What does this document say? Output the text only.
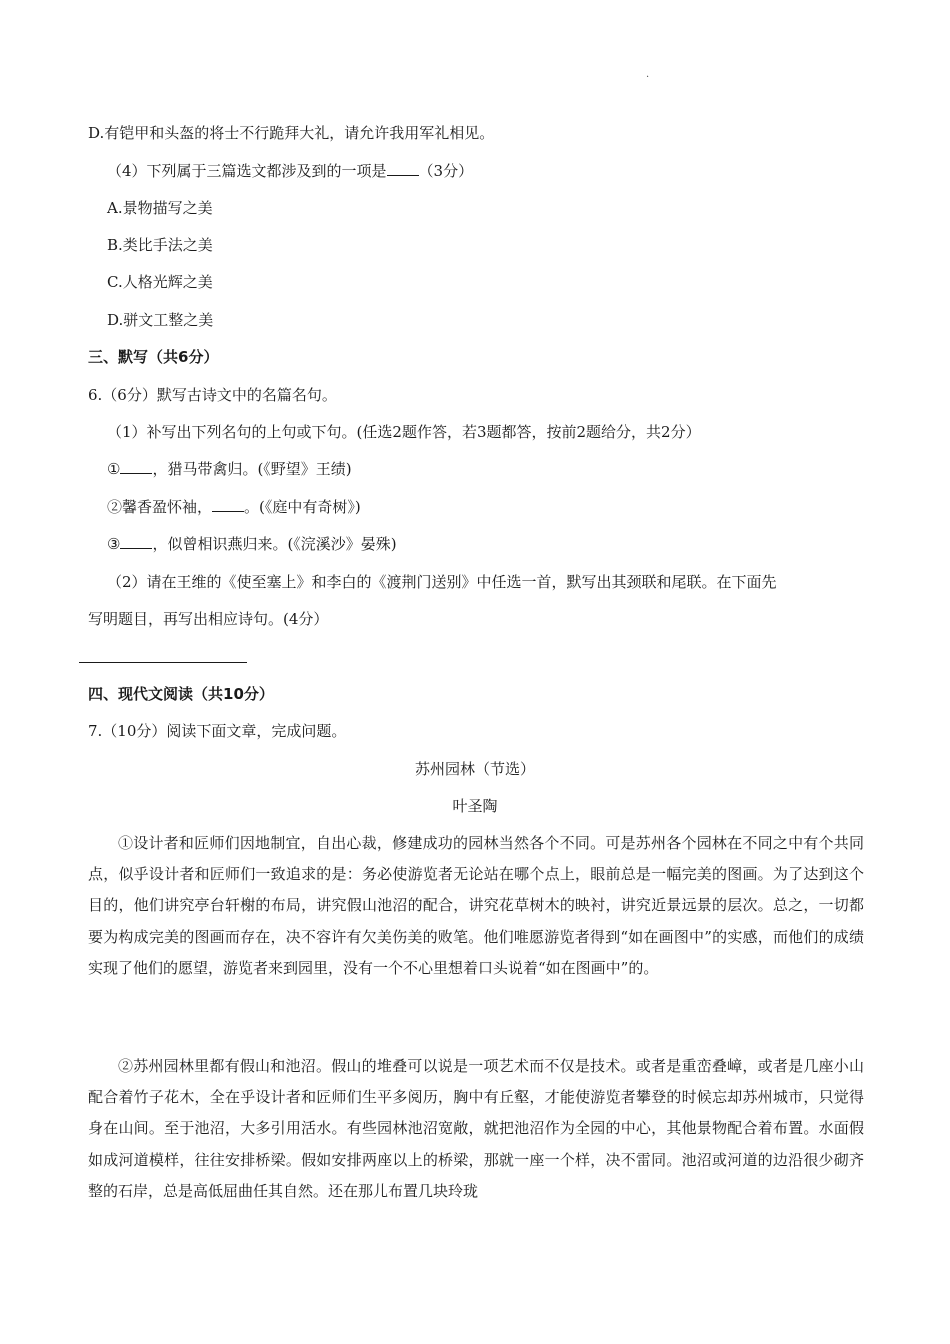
·
D.有铠甲和头盔的将士不行跪拜大礼，请允许我用军礼相见。
（4）下列属于三篇选文都涉及到的一项是 （3分）
A.景物描写之美
B.类比手法之美
C.人格光辉之美
D.骈文工整之美
三、默写（共6分）
6.（6分）默写古诗文中的名篇名句。
（1）补写出下列名句的上句或下句。(任选2题作答，若3题都答，按前2题给分，共2分）
① ，猎马带禽归。(《野望》王绩)
②馨香盈怀袖， 。(《庭中有奇树》)
③ ，似曾相识燕归来。(《浣溪沙》晏殊)
（2）请在王维的《使至塞上》和李白的《渡荆门送别》中任选一首，默写出其颈联和尾联。在下面先
写明题目，再写出相应诗句。(4分）
四、现代文阅读（共10分）
7.（10分）阅读下面文章，完成问题。
苏州园林（节选）
叶圣陶
①设计者和匠师们因地制宜，自出心裁，修建成功的园林当然各个不同。可是苏州各个园林在不同之中有个共同点，似乎设计者和匠师们一致追求的是：务必使游览者无论站在哪个点上，眼前总是一幅完美的图画。为了达到这个目的，他们讲究亭台轩榭的布局，讲究假山池沼的配合，讲究花草树木的映衬，讲究近景远景的层次。总之，一切都要为构成完美的图画而存在，决不容许有欠美伤美的败笔。他们唯愿游览者得到“如在画图中”的实感，而他们的成绩实现了他们的愿望，游览者来到园里，没有一个不心里想着口头说着“如在图画中”的。
②苏州园林里都有假山和池沼。假山的堆叠可以说是一项艺术而不仅是技术。或者是重峦叠嶂，或者是几座小山配合着竹子花木，全在乎设计者和匠师们生平多阅历，胸中有丘壑，才能使游览者攀登的时候忘却苏州城市，只觉得身在山间。至于池沼，大多引用活水。有些园林池沼宽敞，就把池沼作为全园的中心，其他景物配合着布置。水面假如成河道模样，往往安排桥梁。假如安排两座以上的桥梁，那就一座一个样，决不雷同。池沼或河道的边沿很少砌齐整的石岸，总是高低屈曲任其自然。还在那儿布置几块玲珑
